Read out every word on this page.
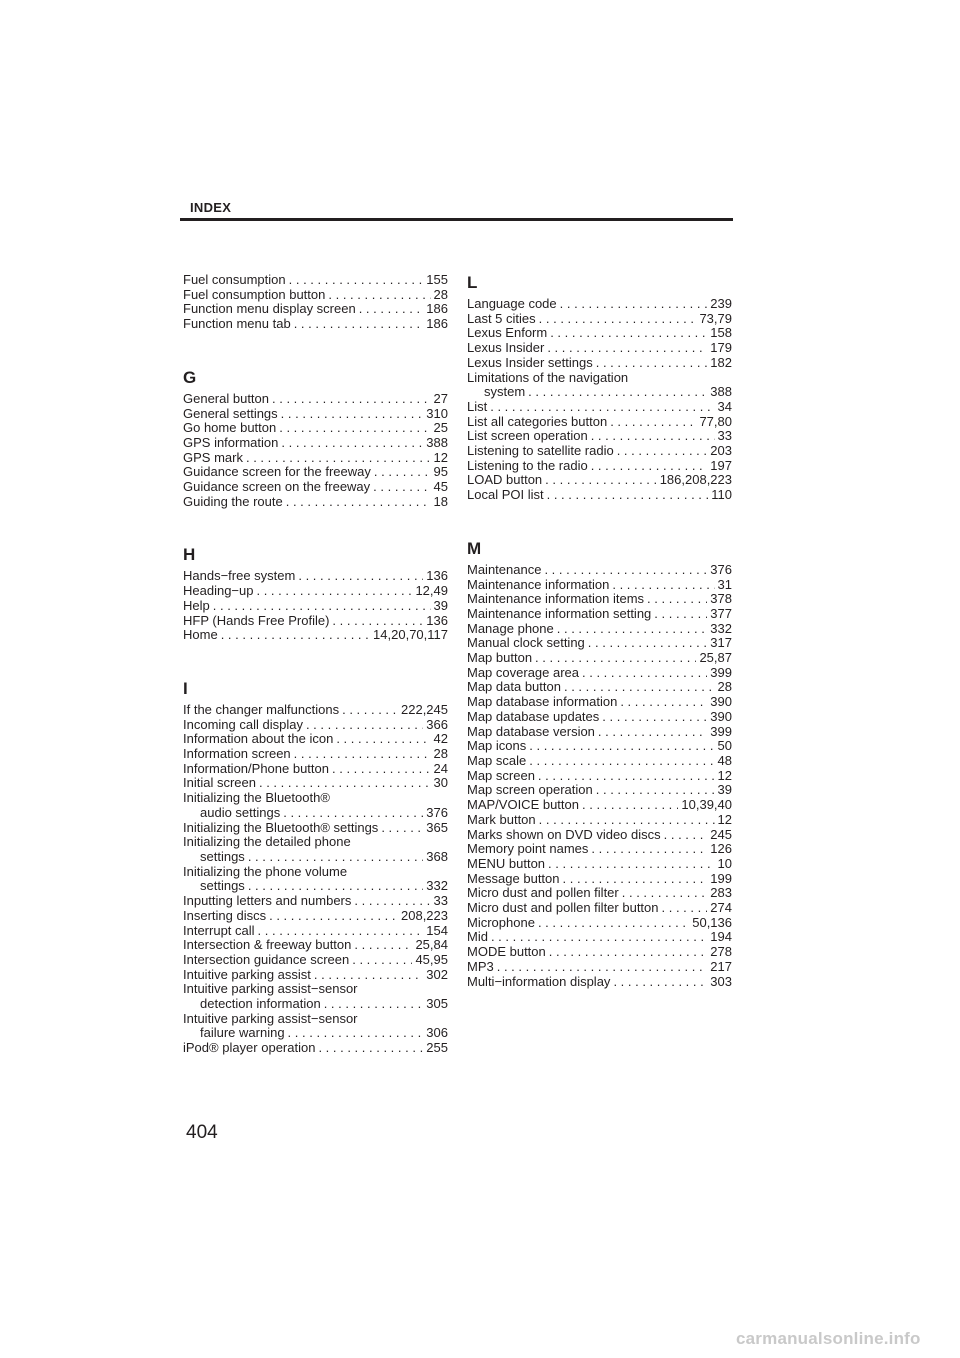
INDEX
Fuel consumption . . .	155
Fuel consumption button . . .	28
Function menu display screen . . .	186
Function menu tab . . .	186
G
General button . . .	27
General settings . . .	310
Go home button . . .	25
GPS information . . .	388
GPS mark . . .	12
Guidance screen for the freeway . . .	95
Guidance screen on the freeway . . .	45
Guiding the route . . .	18
H
Hands−free system . . .	136
Heading−up . . .	12,49
Help . . .	39
HFP (Hands Free Profile) . . .	136
Home . . .	14,20,70,117
I
If the changer malfunctions . . .	222,245
Incoming call display . . .	366
Information about the icon . . .	42
Information screen . . .	28
Information/Phone button . . .	24
Initial screen . . .	30
Initializing the Bluetooth®
audio settings . . .	376
Initializing the Bluetooth® settings . . .	365
Initializing the detailed phone
settings . . .	368
Initializing the phone volume
settings . . .	332
Inputting letters and numbers . . .	33
Inserting discs . . .	208,223
Interrupt call . . .	154
Intersection & freeway button . . .	25,84
Intersection guidance screen . . .	45,95
Intuitive parking assist . . .	302
Intuitive parking assist−sensor
detection information . . .	305
Intuitive parking assist−sensor
failure warning . . .	306
iPod® player operation . . .	255
L
Language code . . .	239
Last 5 cities . . .	73,79
Lexus Enform . . .	158
Lexus Insider . . .	179
Lexus Insider settings . . .	182
Limitations of the navigation
system . . .	388
List . . .	34
List all categories button . . .	77,80
List screen operation . . .	33
Listening to satellite radio . . .	203
Listening to the radio . . .	197
LOAD button . . .	186,208,223
Local POI list . . .	110
M
Maintenance . . .	376
Maintenance information . . .	31
Maintenance information items . . .	378
Maintenance information setting . . .	377
Manage phone . . .	332
Manual clock setting . . .	317
Map button . . .	25,87
Map coverage area . . .	399
Map data button . . .	28
Map database information . . .	390
Map database updates . . .	390
Map database version . . .	399
Map icons . . .	50
Map scale . . .	48
Map screen . . .	12
Map screen operation . . .	39
MAP/VOICE button . . .	10,39,40
Mark button . . .	12
Marks shown on DVD video discs . . .	245
Memory point names . . .	126
MENU button . . .	10
Message button . . .	199
Micro dust and pollen filter . . .	283
Micro dust and pollen filter button . . .	274
Microphone . . .	50,136
Mid . . .	194
MODE button . . .	278
MP3 . . .	217
Multi−information display . . .	303
404
carmanualsonline.info
